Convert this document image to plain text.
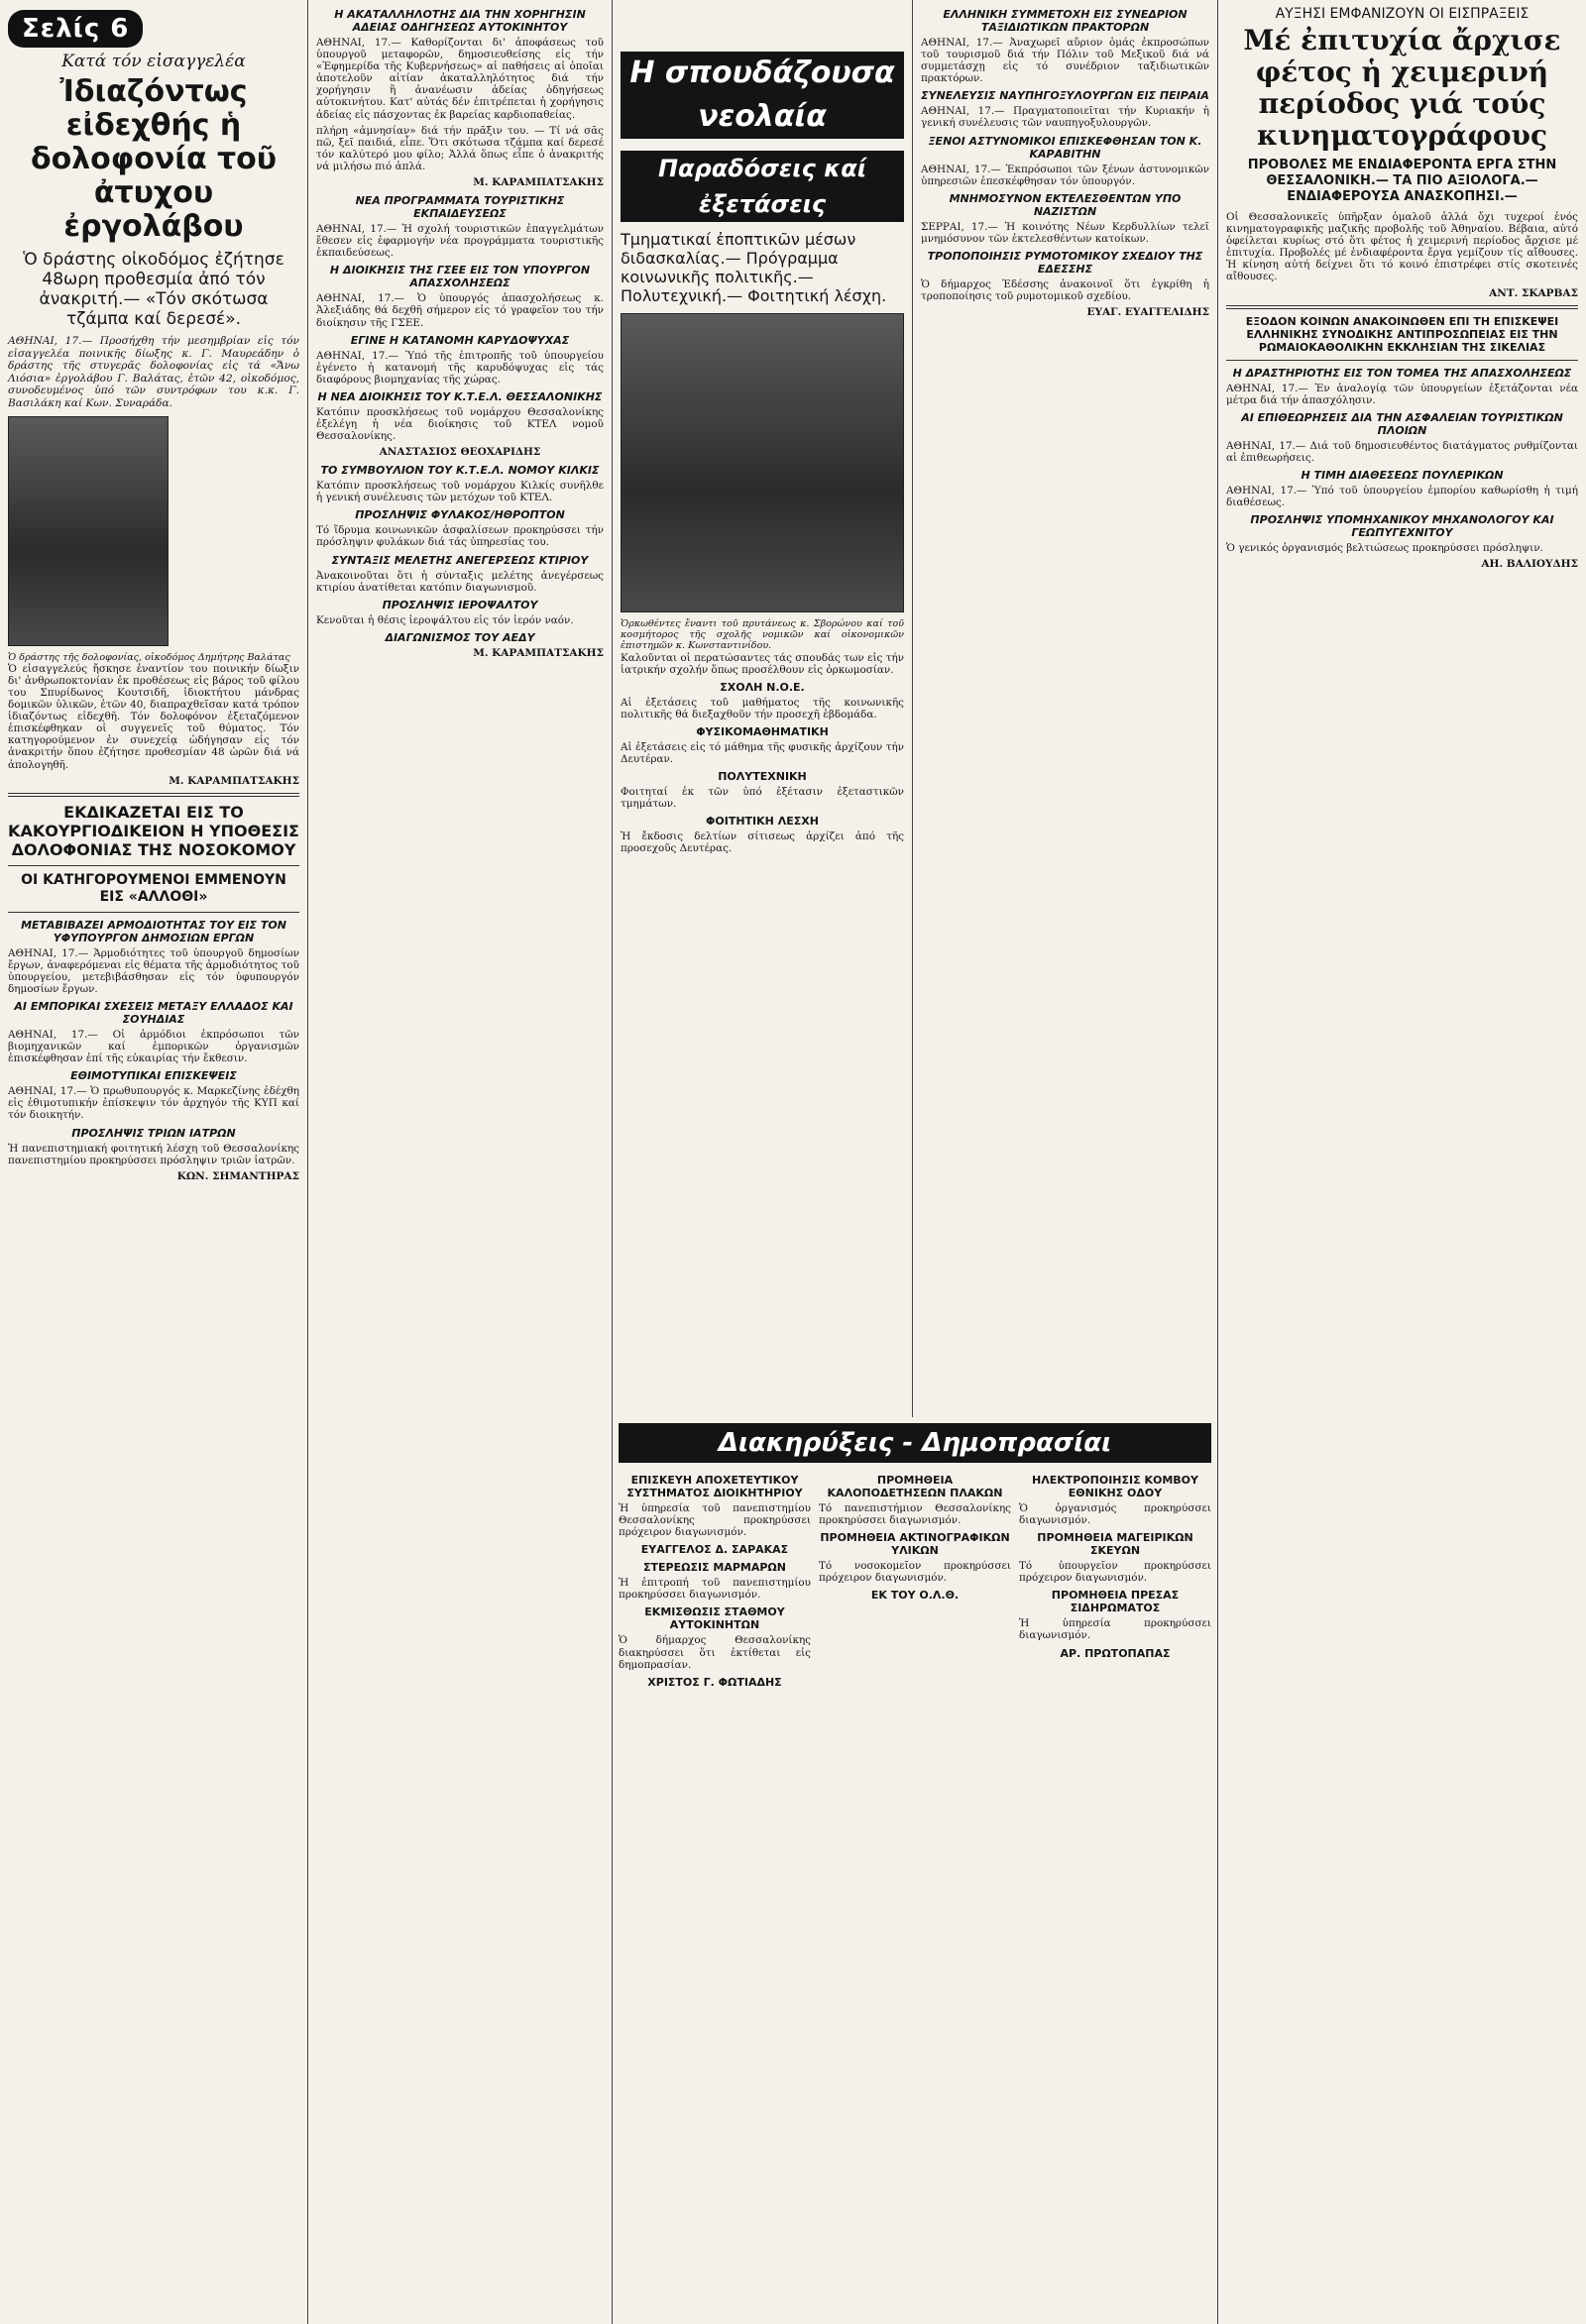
Σελίς 6
Κατά τόν εἰσαγγελέα
Ἰδιαζόντως εἰδεχθής ἡ δολοφονία τοῦ ἀτυχου ἐργολάβου
Ὁ δράστης οἰκοδόμος ἐζήτησε 48ωρη προθεσμία ἀπό τόν ἀνακριτή.— «Τόν σκότωσα τζάμπα καί δερεσέ».
ΑΘΗΝΑΙ, 17.— Προσήχθη τήν μεσημβρίαν εἰς τόν εἰσαγγελέα ποινικῆς δίωξης κ. Γ. Μαυρεάδην ὁ δράστης τῆς στυγερᾶς δολοφονίας εἰς τά «Ἄνω Λιόσια» ἐργολάβου Γ. Βαλάτας, ἐτῶν 42, οἰκοδόμος, συνοδευμένος ὑπό τῶν συντρόφων του κ.κ. Γ. Βασιλάκη καί Κων. Συναράδα.
Ὁ δράστης τῆς δολοφονίας, οἰκοδόμος Δημήτρης Βαλάτας

Ὁ εἰσαγγελεύς ἤσκησε ἐναντίον του ποινικήν δίωξιν δι' ἀνθρωποκτονίαν ἐκ προθέσεως εἰς βάρος τοῦ φίλου του Σπυρίδωνος Κουτσιδῆ, ἰδιοκτήτου μάνδρας δομικῶν ὑλικῶν, ἐτῶν 40, διαπραχθεῖσαν κατά τρόπον ἰδιαζόντως εἰδεχθῆ. Τόν δολοφόνον ἐξεταζόμενον ἐπισκέφθηκαν οἱ συγγενεῖς τοῦ θύματος. Τόν κατηγορούμενον ἐν συνεχείᾳ ὡδήγησαν εἰς τόν ἀνακριτήν ὅπου ἐζήτησε προθεσμίαν 48 ὡρῶν διά νά ἀπολογηθῆ.

Μ. ΚΑΡΑΜΠΑΤΣΑΚΗΣ
ΕΚΔΙΚΑΖΕΤΑΙ ΕΙΣ ΤΟ ΚΑΚΟΥΡΓΙΟΔΙΚΕΙΟΝ Η ΥΠΟΘΕΣΙΣ ΔΟΛΟΦΟΝΙΑΣ ΤΗΣ ΝΟΣΟΚΟΜΟΥ
ΟΙ ΚΑΤΗΓΟΡΟΥΜΕΝΟΙ ΕΜΜΕΝΟΥΝ ΕΙΣ «ΑΛΛΟΘΙ»
ΜΕΤΑΒΙΒΑΖΕΙ ΑΡΜΟΔΙΟΤΗΤΑΣ ΤΟΥ ΕΙΣ ΤΟΝ ΥΦΥΠΟΥΡΓΟΝ ΔΗΜΟΣΙΩΝ ΕΡΓΩΝ

ΑΘΗΝΑΙ, 17.— Ἁρμοδιότητες τοῦ ὑπουργοῦ δημοσίων ἔργων, ἀναφερόμεναι εἰς θέματα τῆς ἀρμοδιότητος τοῦ ὑπουργείου, μετεβιβάσθησαν εἰς τόν ὑφυπουργόν δημοσίων ἔργων.

ΑΙ ΕΜΠΟΡΙΚΑΙ ΣΧΕΣΕΙΣ ΜΕΤΑΞΥ ΕΛΛΑΔΟΣ ΚΑΙ ΣΟΥΗΔΙΑΣ

ΑΘΗΝΑΙ, 17.— Οἱ ἀρμόδιοι ἐκπρόσωποι τῶν βιομηχανικῶν καί ἐμπορικῶν ὀργανισμῶν ἐπισκέφθησαν ἐπί τῆς εὐκαιρίας τήν ἔκθεσιν.

ΕΘΙΜΟΤΥΠΙΚΑΙ ΕΠΙΣΚΕΨΕΙΣ

ΑΘΗΝΑΙ, 17.— Ὁ πρωθυπουργός κ. Μαρκεζίνης ἐδέχθη εἰς ἐθιμοτυπικήν ἐπίσκεψιν τόν ἀρχηγόν τῆς ΚΥΠ καί τόν διοικητήν.

ΠΡΟΣΛΗΨΙΣ ΤΡΙΩΝ ΙΑΤΡΩΝ

Ἡ πανεπιστημιακή φοιτητική λέσχη τοῦ Θεσσαλονίκης πανεπιστημίου προκηρύσσει πρόσληψιν τριῶν ἰατρῶν.

ΚΩΝ. ΣΗΜΑΝΤΗΡΑΣ
Η ΑΚΑΤΑΛΛΗΛΟΤΗΣ ΔΙΑ ΤΗΝ ΧΟΡΗΓΗΣΙΝ ΑΔΕΙΑΣ ΟΔΗΓΗΣΕΩΣ ΑΥΤΟΚΙΝΗΤΟΥ

ΑΘΗΝΑΙ, 17.— Καθορίζονται δι' ἀποφάσεως τοῦ ὑπουργοῦ μεταφορῶν, δημοσιευθείσης εἰς τήν «Ἐφημερίδα τῆς Κυβερνήσεως» αἱ παθήσεις αἱ ὁποῖαι ἀποτελοῦν αἰτίαν ἀκαταλληλότητος διά τήν χορήγησιν ἢ ἀνανέωσιν ἀδείας ὁδηγήσεως αὐτοκινήτου. Κατ' αὐτάς δέν ἐπιτρέπεται ἡ χορήγησις ἀδείας εἰς πάσχοντας ἐκ βαρείας καρδιοπαθείας.

πλήρη «ἀμνησίαν» διά τήν πρᾶξιν του. — Τί νά σᾶς πῶ, ξεῖ παιδιά, εἶπε. Ὅτι σκότωσα τζάμπα καί δερεσέ τόν καλύτερό μου φίλο; Ἀλλά ὅπως εἶπε ὁ ἀνακριτής νά μιλήσω πιό ἁπλά.

Μ. ΚΑΡΑΜΠΑΤΣΑΚΗΣ
ΝΕΑ ΠΡΟΓΡΑΜΜΑΤΑ ΤΟΥΡΙΣΤΙΚΗΣ ΕΚΠΑΙΔΕΥΣΕΩΣ

ΑΘΗΝΑΙ, 17.— Ἡ σχολή τουριστικῶν ἐπαγγελμάτων ἔθεσεν εἰς ἐφαρμογήν νέα προγράμματα τουριστικῆς ἐκπαιδεύσεως.

Η ΔΙΟΙΚΗΣΙΣ ΤΗΣ ΓΣΕΕ ΕΙΣ ΤΟΝ ΥΠΟΥΡΓΟΝ ΑΠΑΣΧΟΛΗΣΕΩΣ

ΑΘΗΝΑΙ, 17.— Ὁ ὑπουργός ἀπασχολήσεως κ. Ἀλεξιάδης θά δεχθῆ σήμερον εἰς τό γραφεῖον του τήν διοίκησιν τῆς ΓΣΕΕ.

ΕΓΙΝΕ Η ΚΑΤΑΝΟΜΗ ΚΑΡΥΔΟΨΥΧΑΣ

ΑΘΗΝΑΙ, 17.— Ὑπό τῆς ἐπιτροπῆς τοῦ ὑπουργείου ἐγένετο ἡ κατανομή τῆς καρυδόψυχας εἰς τάς διαφόρους βιομηχανίας τῆς χώρας.

Η ΝΕΑ ΔΙΟΙΚΗΣΙΣ ΤΟΥ Κ.Τ.Ε.Λ. ΘΕΣΣΑΛΟΝΙΚΗΣ

Κατόπιν προσκλήσεως τοῦ νομάρχου Θεσσαλονίκης ἐξελέγη ἡ νέα διοίκησις τοῦ ΚΤΕΛ νομοῦ Θεσσαλονίκης.

ΑΝΑΣΤΑΣΙΟΣ ΘΕΟΧΑΡΙΔΗΣ
ΤΟ ΣΥΜΒΟΥΛΙΟΝ ΤΟΥ Κ.Τ.Ε.Λ. ΝΟΜΟΥ ΚΙΛΚΙΣ

Κατόπιν προσκλήσεως τοῦ νομάρχου Κιλκίς συνῆλθε ἡ γενική συνέλευσις τῶν μετόχων τοῦ ΚΤΕΛ.

ΠΡΟΣΛΗΨΙΣ ΦΥΛΑΚΟΣ/ΗΘΡΟΠΤΟΝ

Τό ἵδρυμα κοινωνικῶν ἀσφαλίσεων προκηρύσσει τήν πρόσληψιν φυλάκων διά τάς ὑπηρεσίας του.

ΣΥΝΤΑΞΙΣ ΜΕΛΕΤΗΣ ΑΝΕΓΕΡΣΕΩΣ ΚΤΙΡΙΟΥ

Ἀνακοινοῦται ὅτι ἡ σύνταξις μελέτης ἀνεγέρσεως κτιρίου ἀνατίθεται κατόπιν διαγωνισμοῦ.

ΠΡΟΣΛΗΨΙΣ ΙΕΡΟΨΑΛΤΟΥ

Κενοῦται ἡ θέσις ἱεροψάλτου εἰς τόν ἱερόν ναόν.

ΔΙΑΓΩΝΙΣΜΟΣ ΤΟΥ ΑΕΔΥ
Μ. ΚΑΡΑΜΠΑΤΣΑΚΗΣ
Η σπουδάζουσα νεολαία
Παραδόσεις καί ἐξετάσεις
Τμηματικαί ἐποπτικῶν μέσων διδασκαλίας.— Πρόγραμμα κοινωνικῆς πολιτικῆς.— Πολυτεχνική.— Φοιτητική λέσχη.
Ὁρκωθέντες ἔναντι τοῦ πρυτάνεως κ. Σβορώνου καί τοῦ κοσμήτορος τῆς σχολῆς νομικῶν καί οἰκονομικῶν ἐπιστημῶν κ. Κωνσταντινίδου.

Καλοῦνται οἱ περατώσαντες τάς σπουδάς των εἰς τήν ἰατρικήν σχολήν ὅπως προσέλθουν εἰς ὁρκωμοσίαν.

ΣΧΟΛΗ Ν.Ο.Ε.

Αἱ ἐξετάσεις τοῦ μαθήματος τῆς κοινωνικῆς πολιτικῆς θά διεξαχθοῦν τήν προσεχῆ ἑβδομάδα.

ΦΥΣΙΚΟΜΑΘΗΜΑΤΙΚΗ

Αἱ ἐξετάσεις εἰς τό μάθημα τῆς φυσικῆς ἀρχίζουν τήν Δευτέραν.

ΠΟΛΥΤΕΧΝΙΚΗ

Φοιτηταί ἐκ τῶν ὑπό ἐξέτασιν ἐξεταστικῶν τμημάτων.

ΦΟΙΤΗΤΙΚΗ ΛΕΣΧΗ

Ἡ ἔκδοσις δελτίων σίτισεως ἀρχίζει ἀπό τῆς προσεχοῦς Δευτέρας.

ΕΛΛΗΝΙΚΗ ΣΥΜΜΕΤΟΧΗ ΕΙΣ ΣΥΝΕΔΡΙΟΝ ΤΑΞΙΔΙΩΤΙΚΩΝ ΠΡΑΚΤΟΡΩΝ

ΑΘΗΝΑΙ, 17.— Ἀναχωρεῖ αὔριον ὁμάς ἐκπροσώπων τοῦ τουρισμοῦ διά τήν Πόλιν τοῦ Μεξικοῦ διά νά συμμετάσχῃ εἰς τό συνέδριον ταξιδιωτικῶν πρακτόρων.

ΣΥΝΕΛΕΥΣΙΣ ΝΑΥΠΗΓΟΞΥΛΟΥΡΓΩΝ ΕΙΣ ΠΕΙΡΑΙΑ

ΑΘΗΝΑΙ, 17.— Πραγματοποιεῖται τήν Κυριακήν ἡ γενική συνέλευσις τῶν ναυπηγοξυλουργῶν.

ΞΕΝΟΙ ΑΣΤΥΝΟΜΙΚΟΙ ΕΠΙΣΚΕΦΘΗΣΑΝ ΤΟΝ Κ. ΚΑΡΑΒΙΤΗΝ

ΑΘΗΝΑΙ, 17.— Ἐκπρόσωποι τῶν ξένων ἀστυνομικῶν ὑπηρεσιῶν ἐπεσκέφθησαν τόν ὑπουργόν.

ΜΝΗΜΟΣΥΝΟΝ ΕΚΤΕΛΕΣΘΕΝΤΩΝ ΥΠΟ ΝΑΖΙΣΤΩΝ

ΣΕΡΡΑΙ, 17.— Ἡ κοινότης Νέων Κερδυλλίων τελεῖ μνημόσυνον τῶν ἐκτελεσθέντων κατοίκων.

ΤΡΟΠΟΠΟΙΗΣΙΣ ΡΥΜΟΤΟΜΙΚΟΥ ΣΧΕΔΙΟΥ ΤΗΣ ΕΔΕΣΣΗΣ

Ὁ δήμαρχος Ἐδέσσης ἀνακοινοῖ ὅτι ἐγκρίθη ἡ τροποποίησις τοῦ ρυμοτομικοῦ σχεδίου.

ΕΥΑΓ. ΕΥΑΓΓΕΛΙΔΗΣ
ΑΥΞΗΣΙ ΕΜΦΑΝΙΖΟΥΝ ΟΙ ΕΙΣΠΡΑΞΕΙΣ
Μέ ἐπιτυχία ἄρχισε φέτος ἡ χειμερινή περίοδος γιά τούς κινηματογράφους
ΠΡΟΒΟΛΕΣ ΜΕ ΕΝΔΙΑΦΕΡΟΝΤΑ ΕΡΓΑ ΣΤΗΝ ΘΕΣΣΑΛΟΝΙΚΗ.— ΤΑ ΠΙΟ ΑΞΙΟΛΟΓΑ.— ΕΝΔΙΑΦΕΡΟΥΣΑ ΑΝΑΣΚΟΠΗΣΙ.—

Οἱ Θεσσαλονικεῖς ὑπῆρξαν ὁμαλοῦ ἀλλά ὄχι τυχεροί ἑνός κινηματογραφικῆς μαζικῆς προβολῆς τοῦ Ἀθηναίου. Βέβαια, αὐτό ὀφείλεται κυρίως στό ὅτι φέτος ἡ χειμερινή περίοδος ἄρχισε μέ ἐπιτυχία. Προβολές μέ ἐνδιαφέροντα ἔργα γεμίζουν τίς αἴθουσες. Ἡ κίνηση αὐτή δείχνει ὅτι τό κοινό ἐπιστρέφει στίς σκοτεινές αἴθουσες.

ΑΝΤ. ΣΚΑΡΒΑΣ
ΕΞΟΔΟΝ ΚΟΙΝΩΝ ΑΝΑΚΟΙΝΩΘΕΝ ΕΠΙ ΤΗ ΕΠΙΣΚΕΨΕΙ ΕΛΛΗΝΙΚΗΣ ΣΥΝΟΔΙΚΗΣ ΑΝΤΙΠΡΟΣΩΠΕΙΑΣ ΕΙΣ ΤΗΝ ΡΩΜΑΙΟΚΑΘΟΛΙΚΗΝ ΕΚΚΛΗΣΙΑΝ ΤΗΣ ΣΙΚΕΛΙΑΣ
Η ΔΡΑΣΤΗΡΙΟΤΗΣ ΕΙΣ ΤΟΝ ΤΟΜΕΑ ΤΗΣ ΑΠΑΣΧΟΛΗΣΕΩΣ

ΑΘΗΝΑΙ, 17.— Ἐν ἀναλογίᾳ τῶν ὑπουργείων ἐξετάζονται νέα μέτρα διά τήν ἀπασχόλησιν.

ΑΙ ΕΠΙΘΕΩΡΗΣΕΙΣ ΔΙΑ ΤΗΝ ΑΣΦΑΛΕΙΑΝ ΤΟΥΡΙΣΤΙΚΩΝ ΠΛΟΙΩΝ

ΑΘΗΝΑΙ, 17.— Διά τοῦ δημοσιευθέντος διατάγματος ρυθμίζονται αἱ ἐπιθεωρήσεις.

Η ΤΙΜΗ ΔΙΑΘΕΣΕΩΣ ΠΟΥΛΕΡΙΚΩΝ

ΑΘΗΝΑΙ, 17.— Ὑπό τοῦ ὑπουργείου ἐμπορίου καθωρίσθη ἡ τιμή διαθέσεως.

ΠΡΟΣΛΗΨΙΣ ΥΠΟΜΗΧΑΝΙΚΟΥ ΜΗΧΑΝΟΛΟΓΟΥ ΚΑΙ ΓΕΩΠΥΓΕΧΝΙΤΟΥ

Ὁ γενικός ὀργανισμός βελτιώσεως προκηρύσσει πρόσληψιν.

ΑΗ. ΒΑΛΙΟΥΔΗΣ
Διακηρύξεις - Δημοπρασίαι
ΕΠΙΣΚΕΥΗ ΑΠΟΧΕΤΕΥΤΙΚΟΥ ΣΥΣΤΗΜΑΤΟΣ ΔΙΟΙΚΗΤΗΡΙΟΥ

Ἡ ὑπηρεσία τοῦ πανεπιστημίου Θεσσαλονίκης προκηρύσσει πρόχειρον διαγωνισμόν.

ΕΥΑΓΓΕΛΟΣ Δ. ΣΑΡΑΚΑΣ
ΣΤΕΡΕΩΣΙΣ ΜΑΡΜΑΡΩΝ

Ἡ ἐπιτροπή τοῦ πανεπιστημίου προκηρύσσει διαγωνισμόν.

ΕΚΜΙΣΘΩΣΙΣ ΣΤΑΘΜΟΥ ΑΥΤΟΚΙΝΗΤΩΝ

Ὁ δήμαρχος Θεσσαλονίκης διακηρύσσει ὅτι ἐκτίθεται εἰς δημοπρασίαν.

ΧΡΙΣΤΟΣ Γ. ΦΩΤΙΑΔΗΣ
ΠΡΟΜΗΘΕΙΑ ΚΑΛΟΠΟΔΕΤΗΣΕΩΝ ΠΛΑΚΩΝ

Τό πανεπιστήμιον Θεσσαλονίκης προκηρύσσει διαγωνισμόν.

ΠΡΟΜΗΘΕΙΑ ΑΚΤΙΝΟΓΡΑΦΙΚΩΝ ΥΛΙΚΩΝ

Τό νοσοκομεῖον προκηρύσσει πρόχειρον διαγωνισμόν.

ΕΚ ΤΟΥ Ο.Λ.Θ.
ΗΛΕΚΤΡΟΠΟΙΗΣΙΣ ΚΟΜΒΟΥ ΕΘΝΙΚΗΣ ΟΔΟΥ

Ὁ ὀργανισμός προκηρύσσει διαγωνισμόν.

ΠΡΟΜΗΘΕΙΑ ΜΑΓΕΙΡΙΚΩΝ ΣΚΕΥΩΝ

Τό ὑπουργεῖον προκηρύσσει πρόχειρον διαγωνισμόν.

ΠΡΟΜΗΘΕΙΑ ΠΡΕΣΑΣ ΣΙΔΗΡΩΜΑΤΟΣ

Ἡ ὑπηρεσία προκηρύσσει διαγωνισμόν.

ΑΡ. ΠΡΩΤΟΠΑΠΑΣ
